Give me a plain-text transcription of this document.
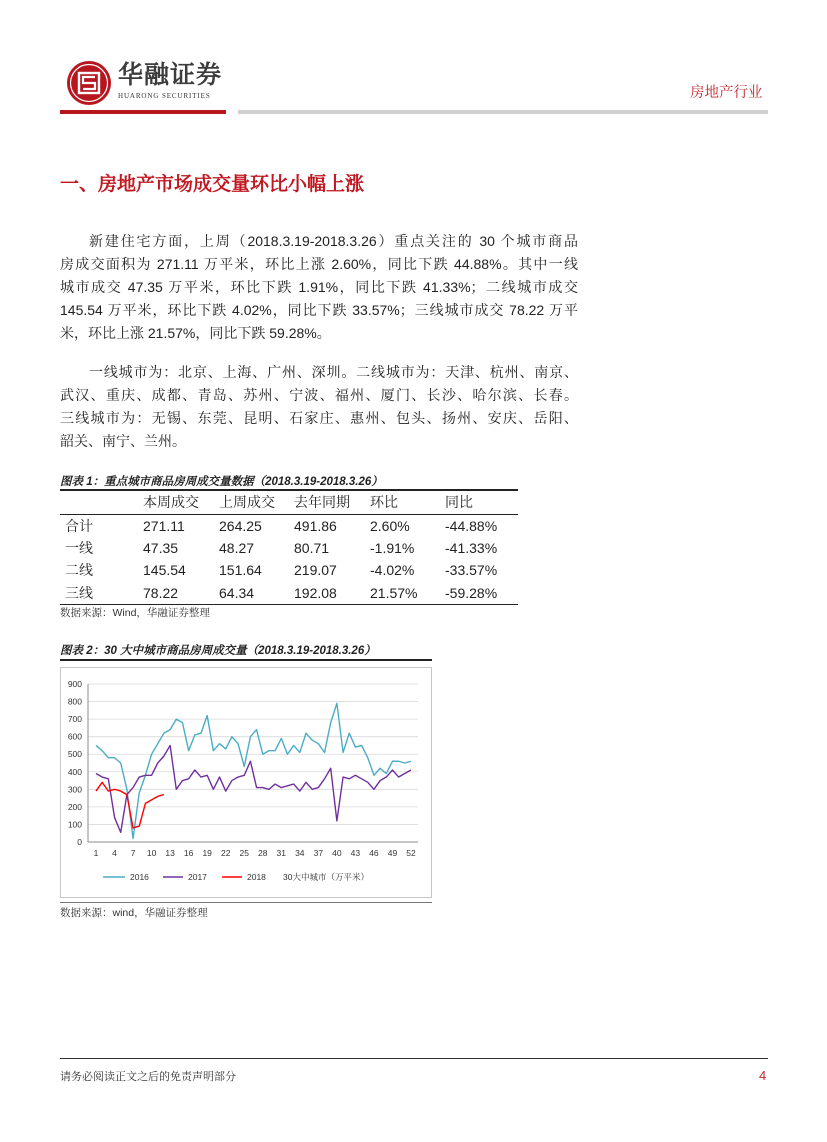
华融证券
HUARONG SECURITIES	房地产行业
一、房地产市场成交量环比小幅上涨
新建住宅方面，上周（2018.3.19-2018.3.26）重点关注的 30 个城市商品
房成交面积为 271.11 万平米，环比上涨 2.60%，同比下跌 44.88%。其中一线
城市成交 47.35 万平米，环比下跌 1.91%，同比下跌 41.33%；二线城市成交
145.54 万平米，环比下跌 4.02%，同比下跌 33.57%；三线城市成交 78.22 万平
米，环比上涨 21.57%，同比下跌 59.28%。
一线城市为：北京、上海、广州、深圳。二线城市为：天津、杭州、南京、
武汉、重庆、成都、青岛、苏州、宁波、福州、厦门、长沙、哈尔滨、长春。
三线城市为：无锡、东莞、昆明、石家庄、惠州、包头、扬州、安庆、岳阳、
韶关、南宁、兰州。
图表 1：重点城市商品房周成交量数据（2018.3.19-2018.3.26）
	本周成交	上周成交	去年同期	环比	同比
合计	271.11	264.25	491.86	2.60%	-44.88%
一线	47.35	48.27	80.71	-1.91%	-41.33%
二线	145.54	151.64	219.07	-4.02%	-33.57%
三线	78.22	64.34	192.08	21.57%	-59.28%
数据来源：Wind，华融证券整理
图表 2：30 大中城市商品房周成交量（2018.3.19-2018.3.26）
0
100
200
300
400
500
600
700
800
900
1 4 7 10 13 16 19 22 25 28 31 34 37 40 43 46 49 52
2016	2017	2018 30大中城市（万平米）
数据来源：wind，华融证券整理
请务必阅读正文之后的免责声明部分	4
